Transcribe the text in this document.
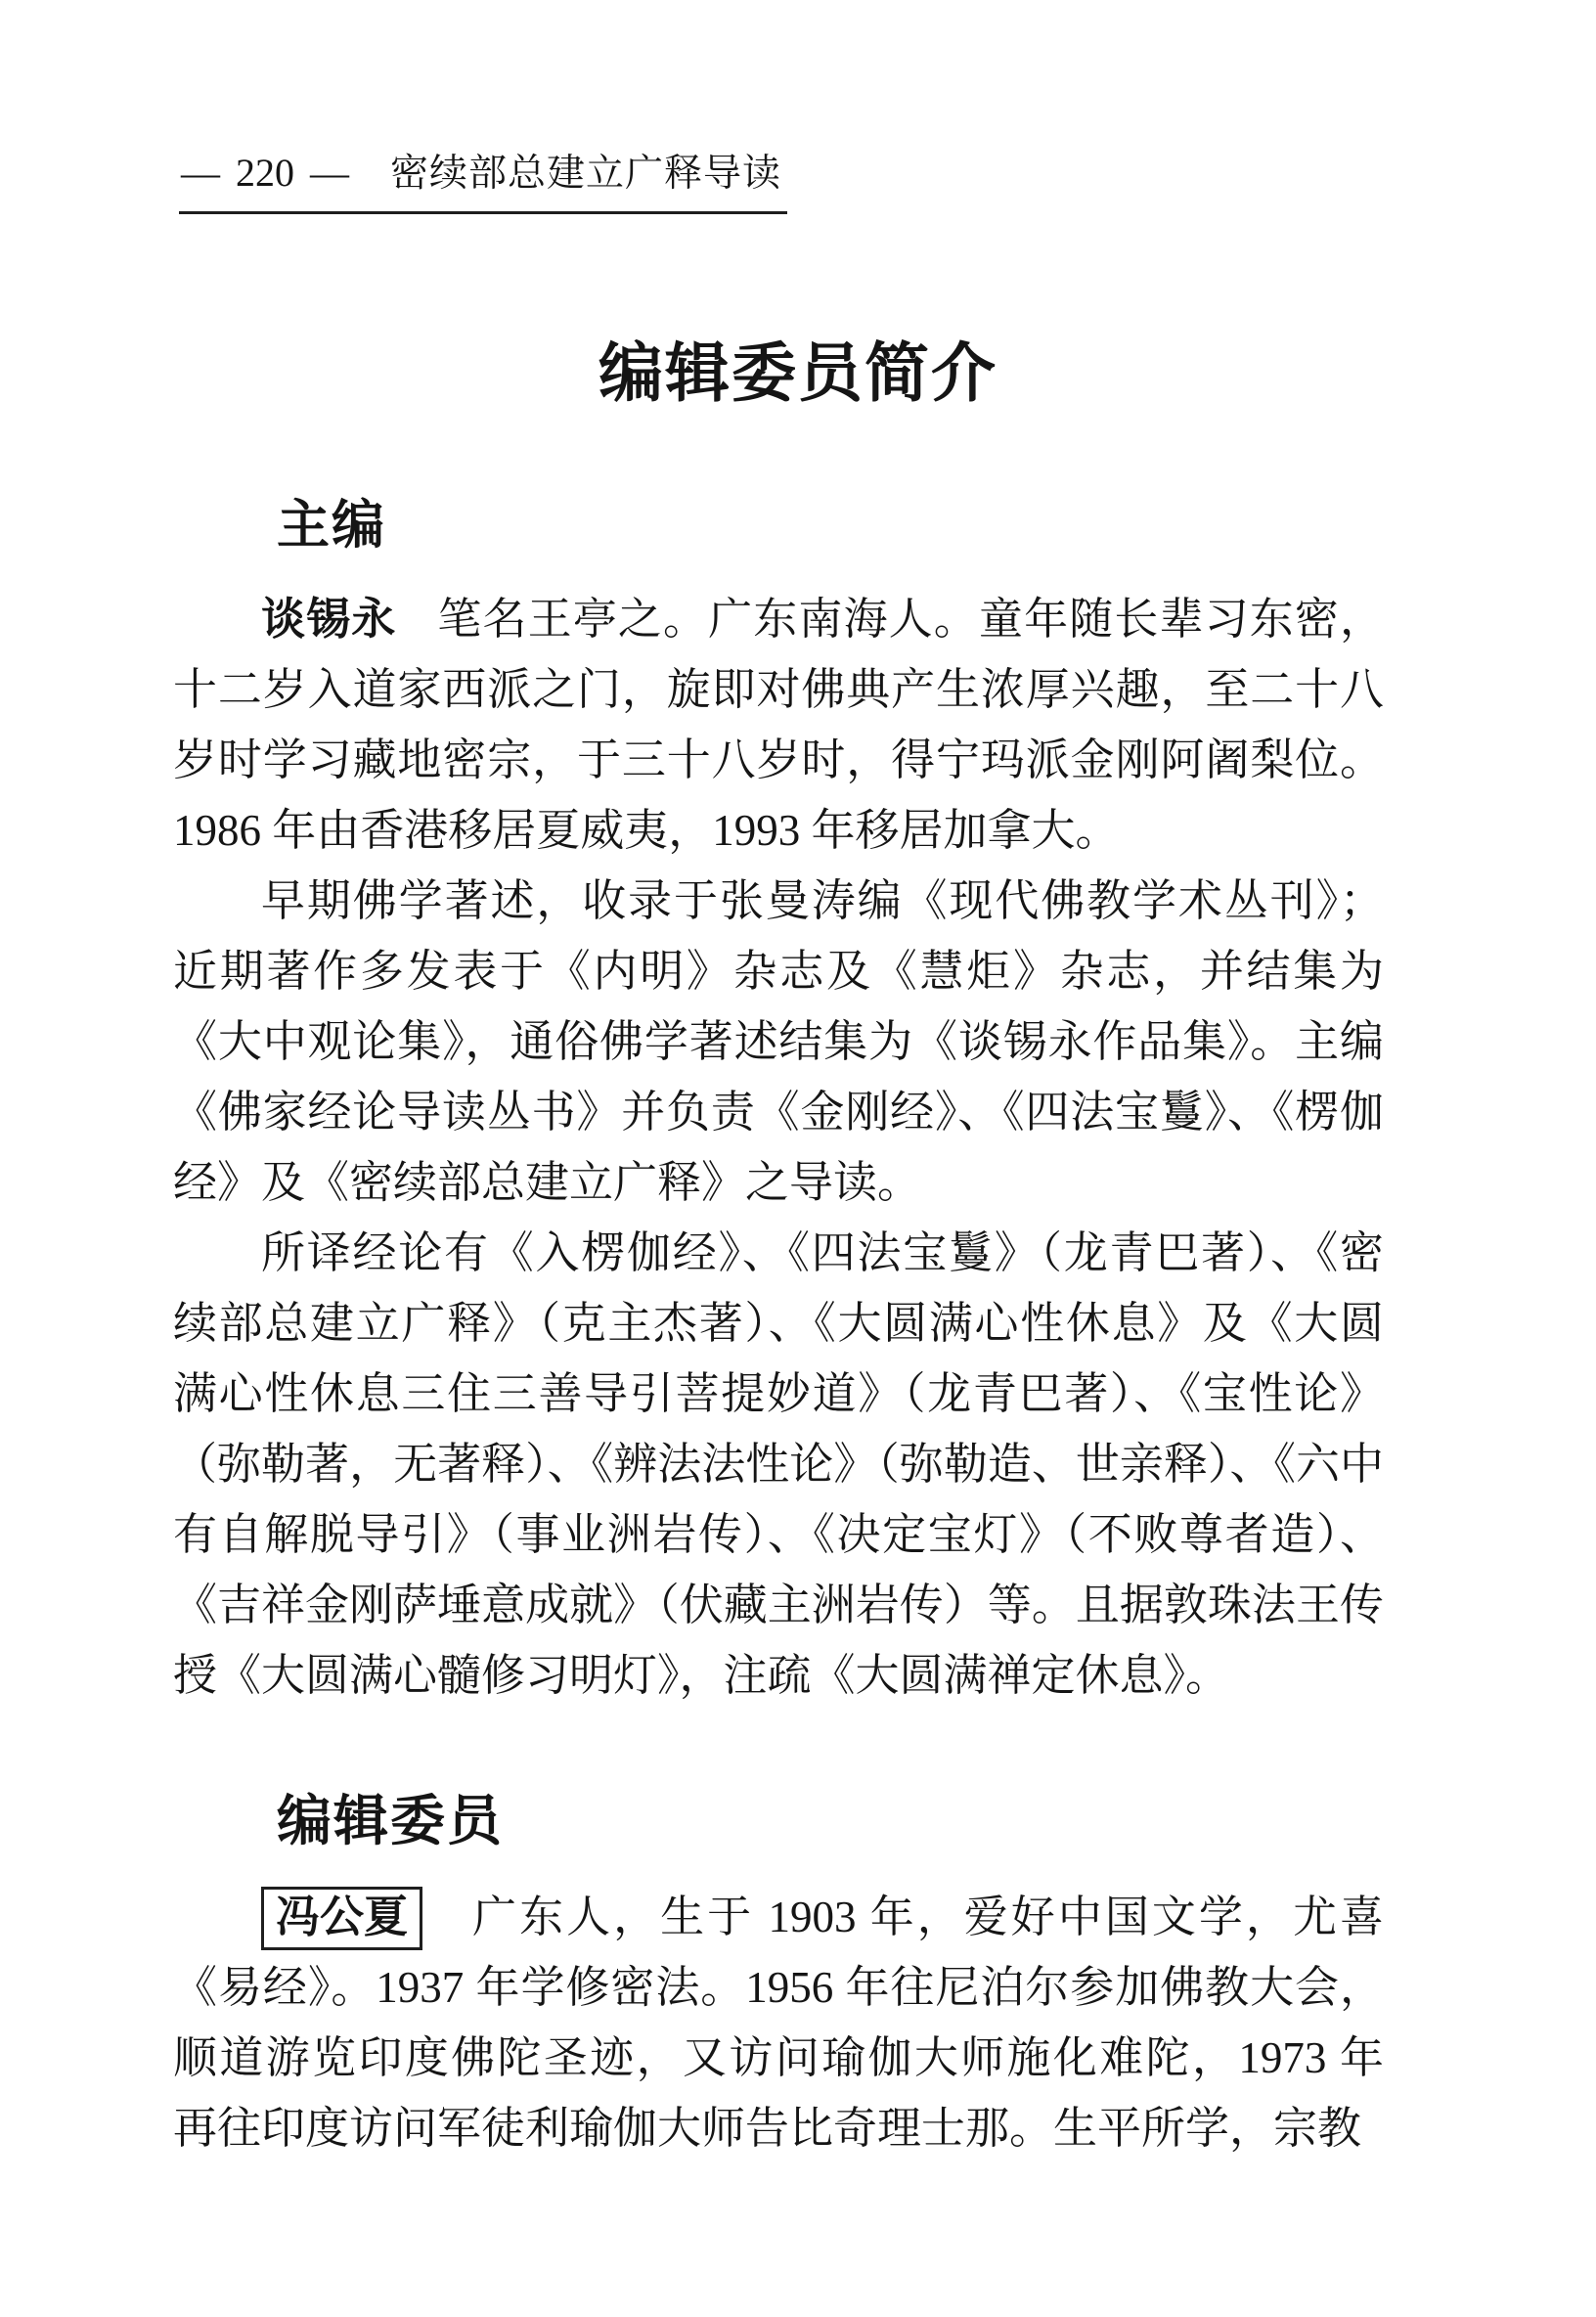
— 220 — 密续部总建立广释导读
编辑委员简介
主编
谈锡永 笔名王亭之。广东南海人。童年随长辈习东密，
十二岁入道家西派之门，旋即对佛典产生浓厚兴趣，至二十八
岁时学习藏地密宗，于三十八岁时，得宁玛派金刚阿阇梨位。
1986 年由香港移居夏威夷，1993 年移居加拿大。
早期佛学著述，收录于张曼涛编《现代佛教学术丛刊》；
近期著作多发表于《内明》杂志及《慧炬》杂志，并结集为
《大中观论集》，通俗佛学著述结集为《谈锡永作品集》。主编
《佛家经论导读丛书》并负责《金刚经》、《四法宝鬘》、《楞伽
经》及《密续部总建立广释》之导读。
所译经论有《入楞伽经》、《四法宝鬘》（龙青巴著）、《密
续部总建立广释》（克主杰著）、《大圆满心性休息》及《大圆
满心性休息三住三善导引菩提妙道》（龙青巴著）、《宝性论》
（弥勒著，无著释）、《辨法法性论》（弥勒造、世亲释）、《六中
有自解脱导引》（事业洲岩传）、《决定宝灯》（不败尊者造）、
《吉祥金刚萨埵意成就》（伏藏主洲岩传）等。且据敦珠法王传
授《大圆满心髓修习明灯》，注疏《大圆满禅定休息》。
编辑委员
冯公夏 广东人，生于 1903 年，爱好中国文学，尤喜
《易经》。1937 年学修密法。1956 年往尼泊尔参加佛教大会，
顺道游览印度佛陀圣迹，又访问瑜伽大师施化难陀，1973 年
再往印度访问军徒利瑜伽大师告比奇理士那。生平所学，宗教
